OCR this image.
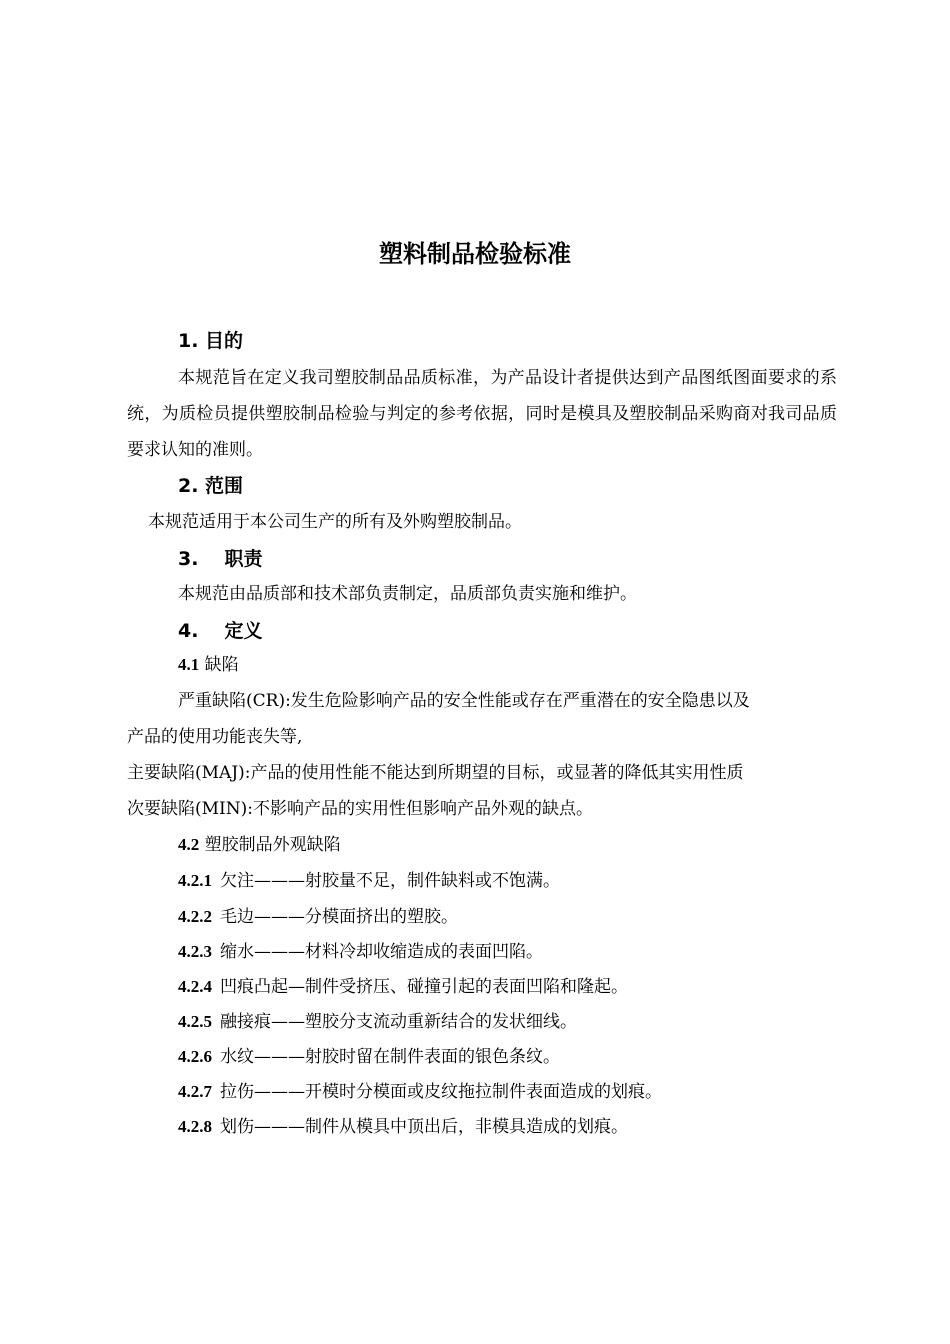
塑料制品检验标准
1. 目的
本规范旨在定义我司塑胶制品品质标准，为产品设计者提供达到产品图纸图面要求的系统，为质检员提供塑胶制品检验与判定的参考依据，同时是模具及塑胶制品采购商对我司品质要求认知的准则。
2. 范围
本规范适用于本公司生产的所有及外购塑胶制品。
3. 职责
本规范由品质部和技术部负责制定，品质部负责实施和维护。
4. 定义
4.1 缺陷
严重缺陷(CR):发生危险影响产品的安全性能或存在严重潜在的安全隐患以及
产品的使用功能丧失等,
主要缺陷(MAJ):产品的使用性能不能达到所期望的目标，或显著的降低其实用性质
次要缺陷(MIN):不影响产品的实用性但影响产品外观的缺点。
4.2 塑胶制品外观缺陷
4.2.1 欠注———射胶量不足，制件缺料或不饱满。
4.2.2 毛边———分模面挤出的塑胶。
4.2.3 缩水———材料冷却收缩造成的表面凹陷。
4.2.4 凹痕凸起—制件受挤压、碰撞引起的表面凹陷和隆起。
4.2.5 融接痕——塑胶分支流动重新结合的发状细线。
4.2.6 水纹———射胶时留在制件表面的银色条纹。
4.2.7 拉伤———开模时分模面或皮纹拖拉制件表面造成的划痕。
4.2.8 划伤———制件从模具中顶出后，非模具造成的划痕。
